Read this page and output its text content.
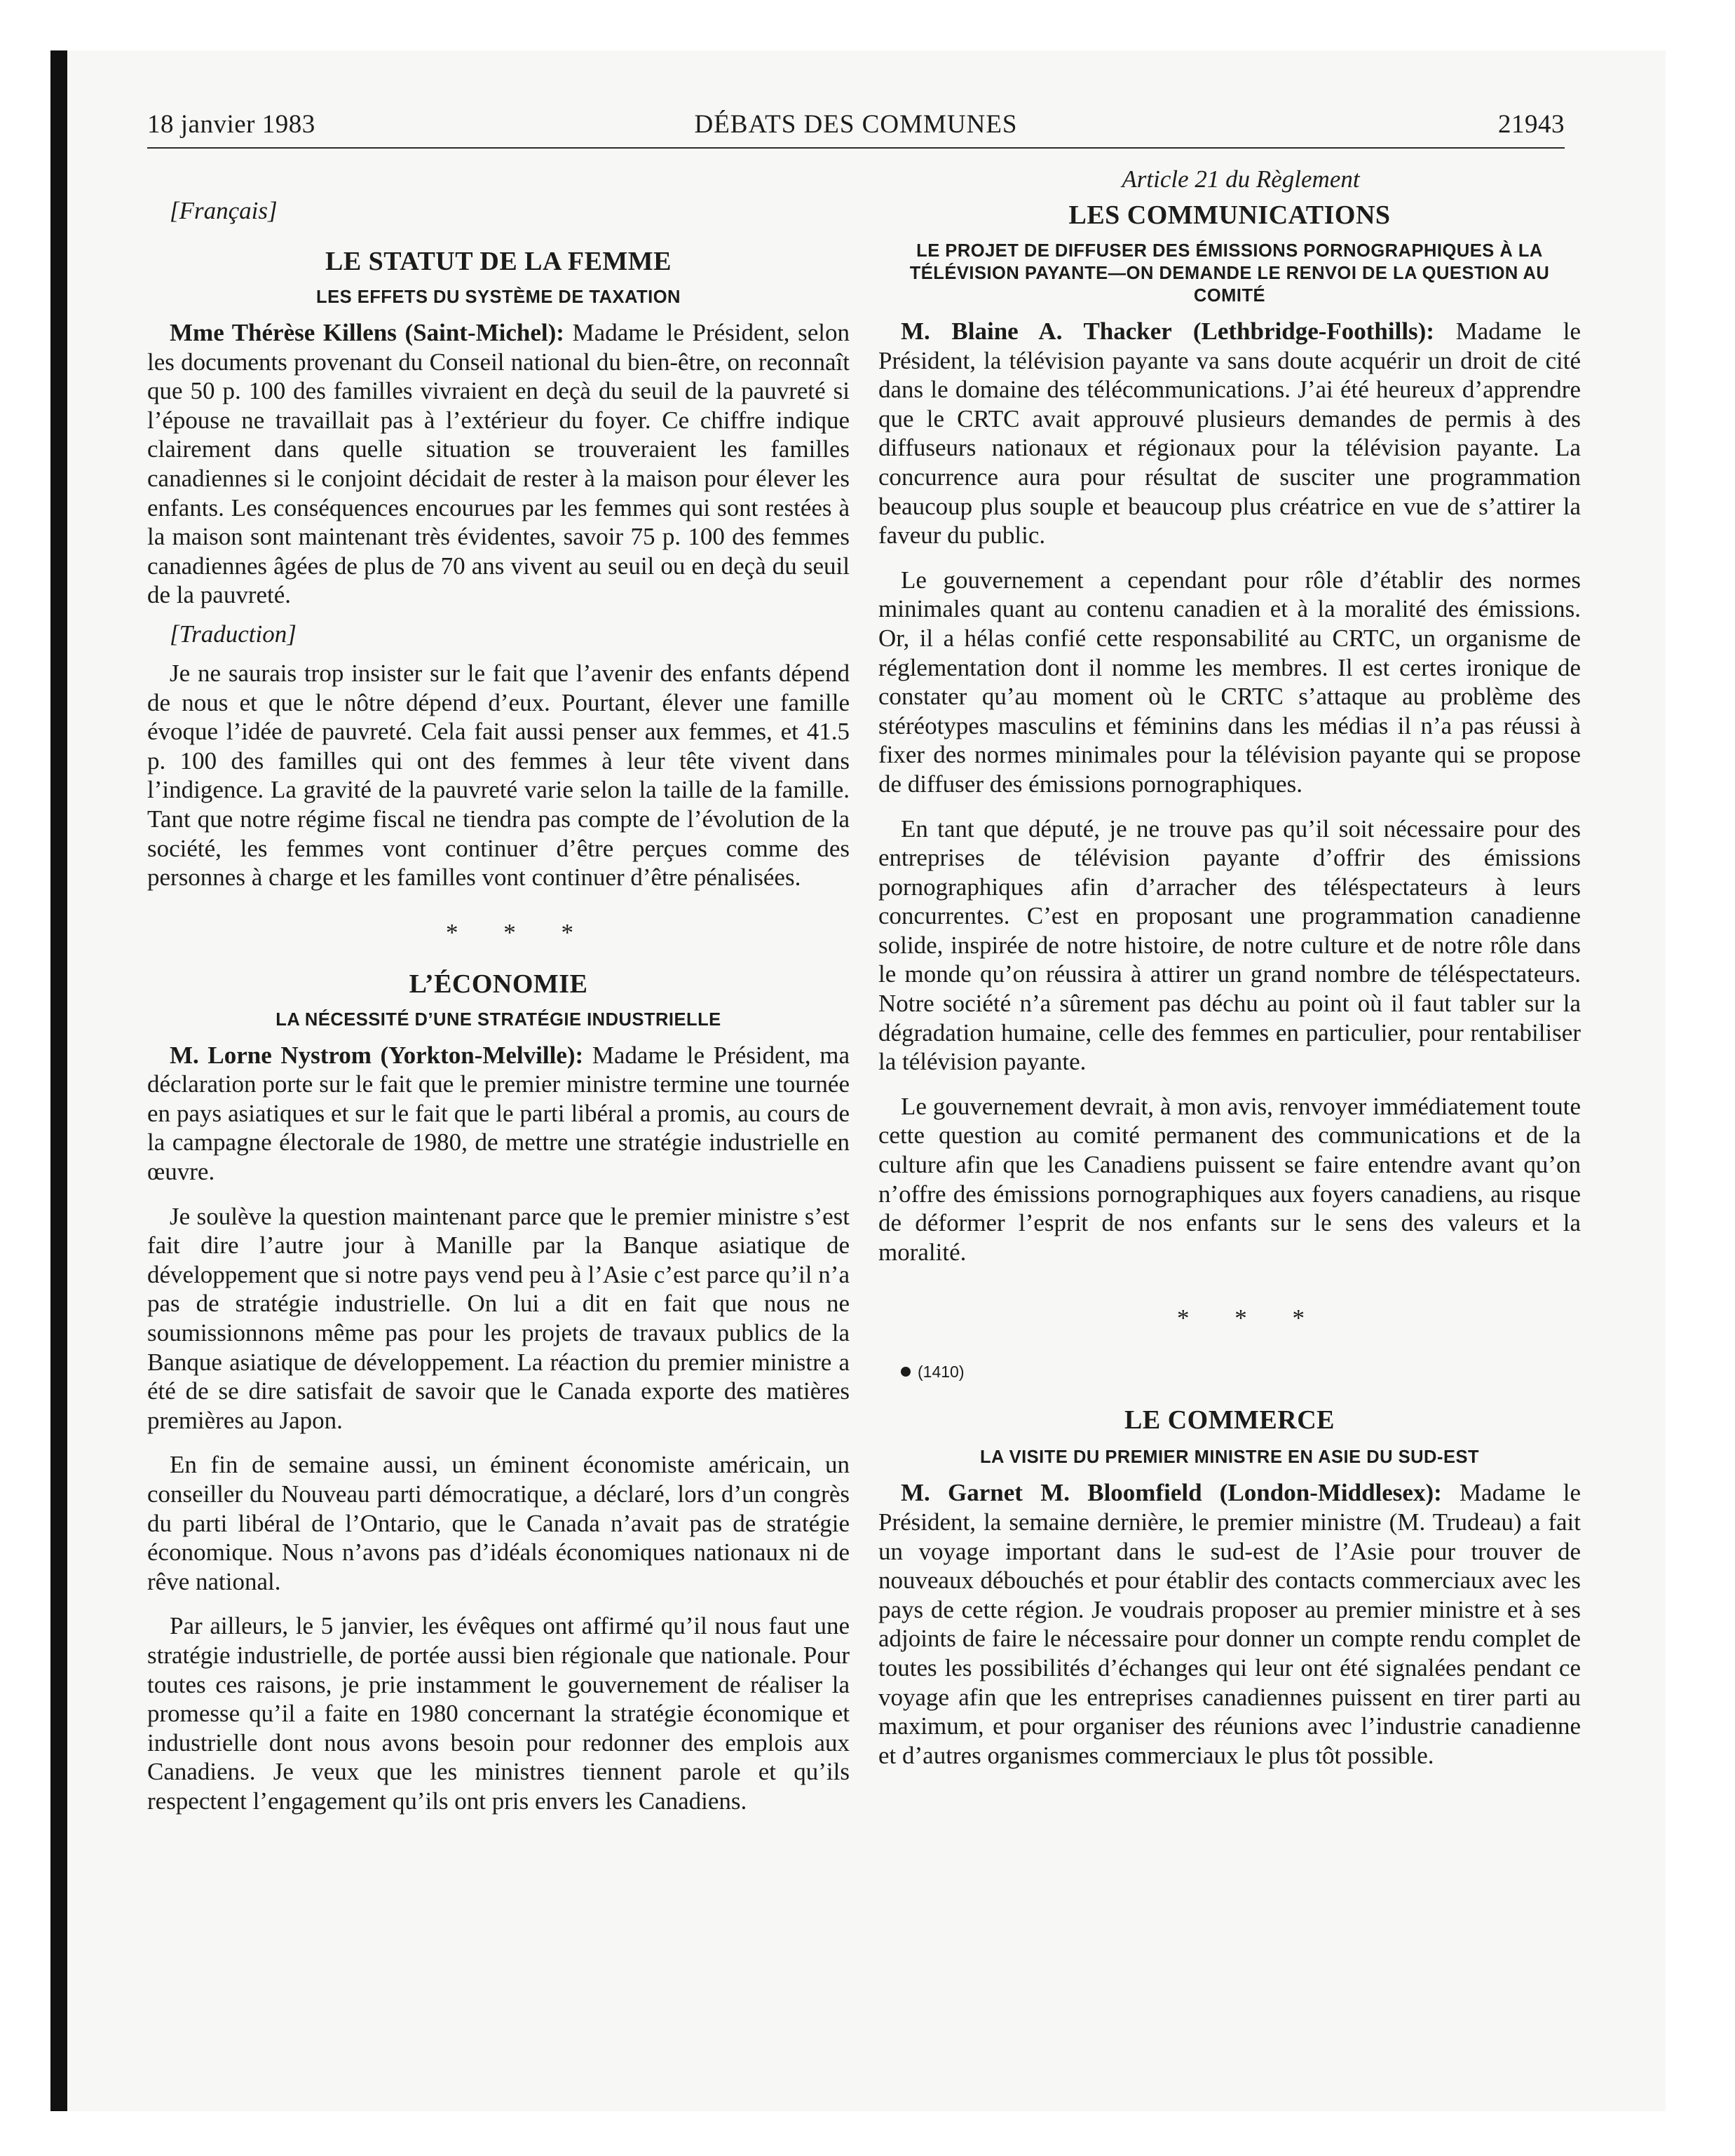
18 janvier 1983	DÉBATS DES COMMUNES	21943

[Français]

LE STATUT DE LA FEMME
LES EFFETS DU SYSTÈME DE TAXATION

Mme Thérèse Killens (Saint-Michel): Madame le Président, selon les documents provenant du Conseil national du bien-être, on reconnaît que 50 p. 100 des familles vivraient en deçà du seuil de la pauvreté si l’épouse ne travaillait pas à l’extérieur du foyer. Ce chiffre indique clairement dans quelle situation se trouveraient les familles canadiennes si le conjoint décidait de rester à la maison pour élever les enfants. Les conséquences encourues par les femmes qui sont restées à la maison sont maintenant très évidentes, savoir 75 p. 100 des femmes canadiennes âgées de plus de 70 ans vivent au seuil ou en deçà du seuil de la pauvreté.

[Traduction]

Je ne saurais trop insister sur le fait que l’avenir des enfants dépend de nous et que le nôtre dépend d’eux. Pourtant, élever une famille évoque l’idée de pauvreté. Cela fait aussi penser aux femmes, et 41.5 p. 100 des familles qui ont des femmes à leur tête vivent dans l’indigence. La gravité de la pauvreté varie selon la taille de la famille. Tant que notre régime fiscal ne tiendra pas compte de l’évolution de la société, les femmes vont continuer d’être perçues comme des personnes à charge et les familles vont continuer d’être pénalisées.

* * *

L’ÉCONOMIE
LA NÉCESSITÉ D’UNE STRATÉGIE INDUSTRIELLE

M. Lorne Nystrom (Yorkton-Melville): Madame le Président, ma déclaration porte sur le fait que le premier ministre termine une tournée en pays asiatiques et sur le fait que le parti libéral a promis, au cours de la campagne électorale de 1980, de mettre une stratégie industrielle en œuvre.

Je soulève la question maintenant parce que le premier ministre s’est fait dire l’autre jour à Manille par la Banque asiatique de développement que si notre pays vend peu à l’Asie c’est parce qu’il n’a pas de stratégie industrielle. On lui a dit en fait que nous ne soumissionnons même pas pour les projets de travaux publics de la Banque asiatique de développement. La réaction du premier ministre a été de se dire satisfait de savoir que le Canada exporte des matières premières au Japon.

En fin de semaine aussi, un éminent économiste américain, un conseiller du Nouveau parti démocratique, a déclaré, lors d’un congrès du parti libéral de l’Ontario, que le Canada n’avait pas de stratégie économique. Nous n’avons pas d’idéals économiques nationaux ni de rêve national.

Par ailleurs, le 5 janvier, les évêques ont affirmé qu’il nous faut une stratégie industrielle, de portée aussi bien régionale que nationale. Pour toutes ces raisons, je prie instamment le gouvernement de réaliser la promesse qu’il a faite en 1980 concernant la stratégie économique et industrielle dont nous avons besoin pour redonner des emplois aux Canadiens. Je veux que les ministres tiennent parole et qu’ils respectent l’engagement qu’ils ont pris envers les Canadiens.

Article 21 du Règlement

LES COMMUNICATIONS
LE PROJET DE DIFFUSER DES ÉMISSIONS PORNOGRAPHIQUES À LA TÉLÉVISION PAYANTE—ON DEMANDE LE RENVOI DE LA QUESTION AU COMITÉ

M. Blaine A. Thacker (Lethbridge-Foothills): Madame le Président, la télévision payante va sans doute acquérir un droit de cité dans le domaine des télécommunications. J’ai été heureux d’apprendre que le CRTC avait approuvé plusieurs demandes de permis à des diffuseurs nationaux et régionaux pour la télévision payante. La concurrence aura pour résultat de susciter une programmation beaucoup plus souple et beaucoup plus créatrice en vue de s’attirer la faveur du public.

Le gouvernement a cependant pour rôle d’établir des normes minimales quant au contenu canadien et à la moralité des émissions. Or, il a hélas confié cette responsabilité au CRTC, un organisme de réglementation dont il nomme les membres. Il est certes ironique de constater qu’au moment où le CRTC s’attaque au problème des stéréotypes masculins et féminins dans les médias il n’a pas réussi à fixer des normes minimales pour la télévision payante qui se propose de diffuser des émissions pornographiques.

En tant que député, je ne trouve pas qu’il soit nécessaire pour des entreprises de télévision payante d’offrir des émissions pornographiques afin d’arracher des téléspectateurs à leurs concurrentes. C’est en proposant une programmation canadienne solide, inspirée de notre histoire, de notre culture et de notre rôle dans le monde qu’on réussira à attirer un grand nombre de téléspectateurs. Notre société n’a sûrement pas déchu au point où il faut tabler sur la dégradation humaine, celle des femmes en particulier, pour rentabiliser la télévision payante.

Le gouvernement devrait, à mon avis, renvoyer immédiatement toute cette question au comité permanent des communications et de la culture afin que les Canadiens puissent se faire entendre avant qu’on n’offre des émissions pornographiques aux foyers canadiens, au risque de déformer l’esprit de nos enfants sur le sens des valeurs et la moralité.

* * *

(1410)

LE COMMERCE
LA VISITE DU PREMIER MINISTRE EN ASIE DU SUD-EST

M. Garnet M. Bloomfield (London-Middlesex): Madame le Président, la semaine dernière, le premier ministre (M. Trudeau) a fait un voyage important dans le sud-est de l’Asie pour trouver de nouveaux débouchés et pour établir des contacts commerciaux avec les pays de cette région. Je voudrais proposer au premier ministre et à ses adjoints de faire le nécessaire pour donner un compte rendu complet de toutes les possibilités d’échanges qui leur ont été signalées pendant ce voyage afin que les entreprises canadiennes puissent en tirer parti au maximum, et pour organiser des réunions avec l’industrie canadienne et d’autres organismes commerciaux le plus tôt possible.
